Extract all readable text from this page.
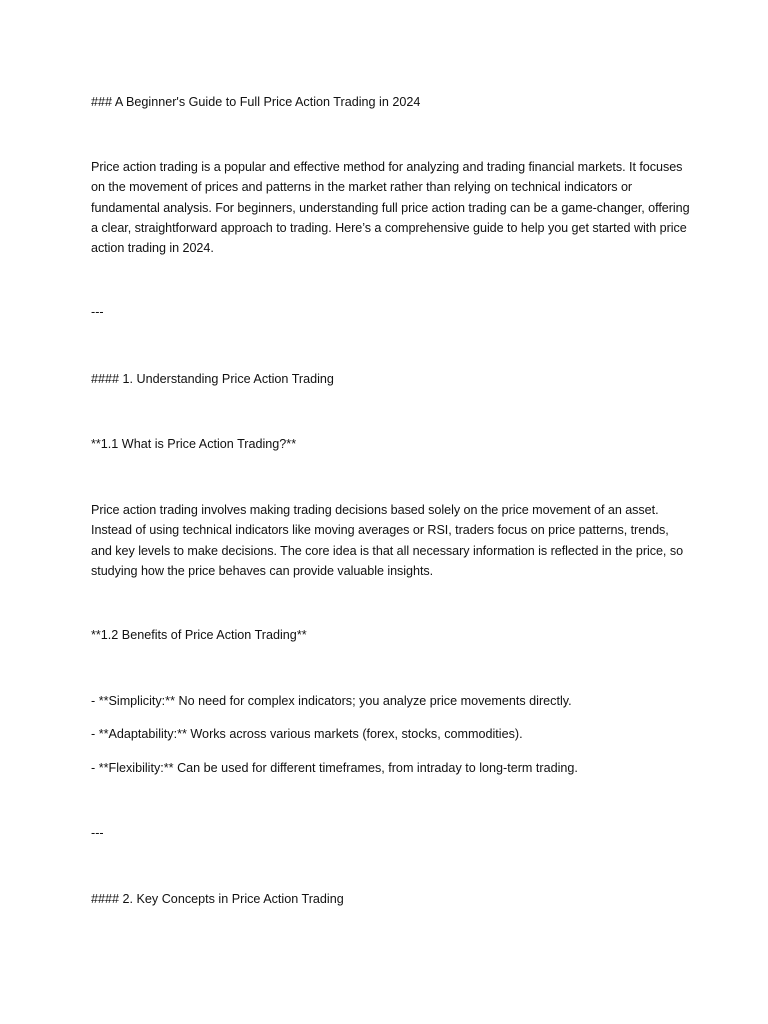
### A Beginner's Guide to Full Price Action Trading in 2024

Price action trading is a popular and effective method for analyzing and trading financial markets. It focuses on the movement of prices and patterns in the market rather than relying on technical indicators or fundamental analysis. For beginners, understanding full price action trading can be a game-changer, offering a clear, straightforward approach to trading. Here’s a comprehensive guide to help you get started with price action trading in 2024.

---

#### 1. Understanding Price Action Trading

**1.1 What is Price Action Trading?**

Price action trading involves making trading decisions based solely on the price movement of an asset. Instead of using technical indicators like moving averages or RSI, traders focus on price patterns, trends, and key levels to make decisions. The core idea is that all necessary information is reflected in the price, so studying how the price behaves can provide valuable insights.

**1.2 Benefits of Price Action Trading**

- **Simplicity:** No need for complex indicators; you analyze price movements directly.

- **Adaptability:** Works across various markets (forex, stocks, commodities).

- **Flexibility:** Can be used for different timeframes, from intraday to long-term trading.

---

#### 2. Key Concepts in Price Action Trading
